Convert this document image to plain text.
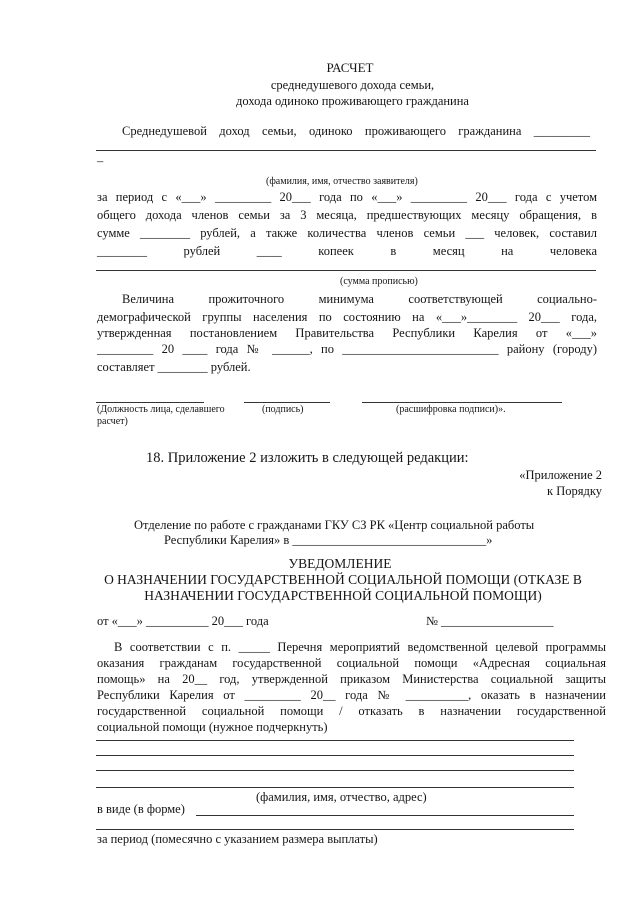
РАСЧЕТ
среднедушевого дохода семьи,
дохода одиноко проживающего гражданина
Среднедушевой доход семьи, одиноко проживающего гражданина _________
–
(фамилия, имя, отчество заявителя)
за период с «___» _________ 20___ года по «___» _________ 20___ года с учетом
общего дохода членов семьи за 3 месяца, предшествующих месяцу обращения, в
сумме ________ рублей, а также количества членов семьи ___ человек, составил
________ рублей ____ копеек в месяц на человека
(сумма прописью)
Величина прожиточного минимума соответствующей социально-
демографической группы населения по состоянию на «___»________ 20___ года,
утвержденная постановлением Правительства Республики Карелия от «___»
_________ 20 ____ года № ______, по _________________________ району (городу)
составляет ________ рублей.
(Должность лица, сделавшего расчет)
(подпись)	(расшифровка подписи)».
18. Приложение 2 изложить в следующей редакции:
«Приложение 2
к Порядку
Отделение по работе с гражданами ГКУ СЗ РК «Центр социальной работы
Республики Карелия» в _______________________________»
УВЕДОМЛЕНИЕ
О НАЗНАЧЕНИИ ГОСУДАРСТВЕННОЙ СОЦИАЛЬНОЙ ПОМОЩИ (ОТКАЗЕ В
НАЗНАЧЕНИИ ГОСУДАРСТВЕННОЙ СОЦИАЛЬНОЙ ПОМОЩИ)
от «___» __________ 20___ года	№ __________________
В соответствии с п. _____ Перечня мероприятий ведомственной целевой программы
оказания гражданам государственной социальной помощи «Адресная социальная
помощь» на 20__ год, утвержденной приказом Министерства социальной защиты
Республики Карелия от _________ 20__ года № __________, оказать в назначении
государственной социальной помощи / отказать в назначении государственной
социальной помощи (нужное подчеркнуть)
(фамилия, имя, отчество, адрес)
в виде (в форме)
за период (помесячно с указанием размера выплаты)
